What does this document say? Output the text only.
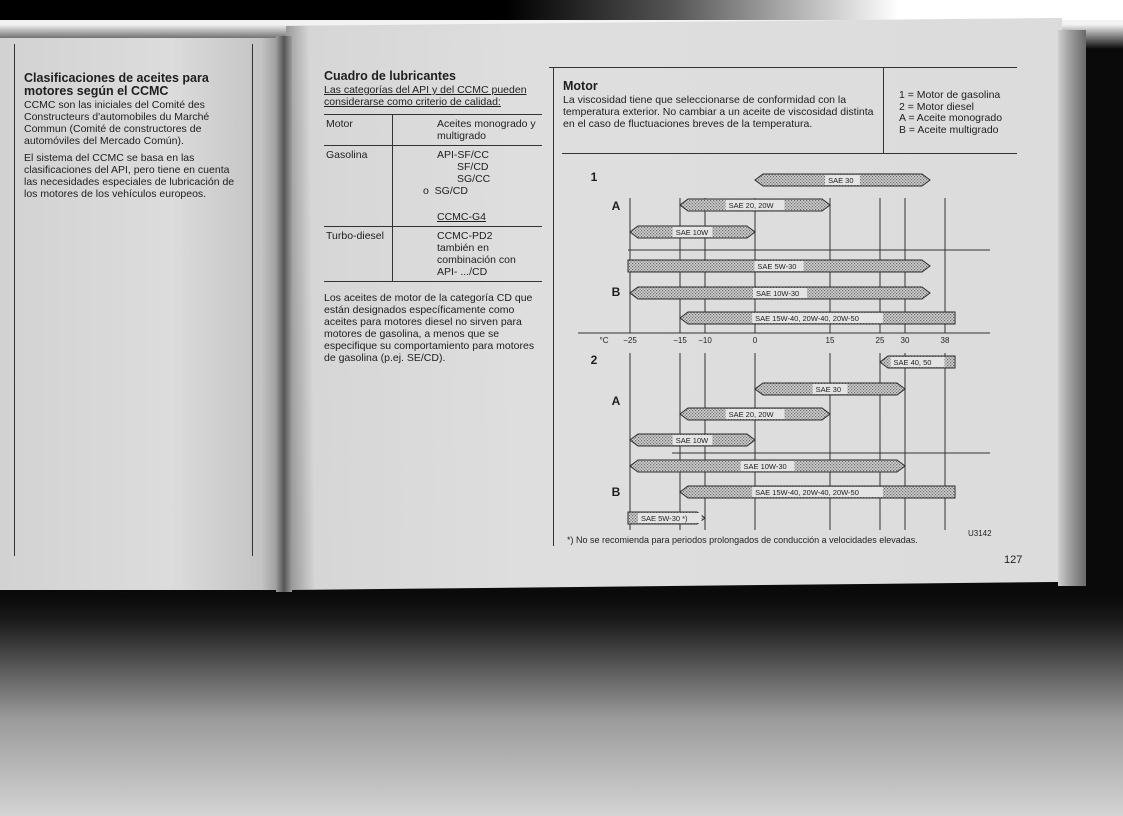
Clasificaciones de aceites para motores según el CCMC

CCMC son las iniciales del Comité des Constructeurs d'automobiles du Marché Commun (Comité de constructores de automóviles del Mercado Común).

El sistema del CCMC se basa en las clasificaciones del API, pero tiene en cuenta las necesidades especiales de lubricación de los motores de los vehículos europeos.

Cuadro de lubricantes
Las categorías del API y del CCMC pueden considerarse como criterio de calidad:
Motor	Aceites monogrado y multigrado
Gasolina	API-SF/CC
SF/CD
SG/CC
o  SG/CD
CCMC-G4

Turbo-diesel	CCMC-PD2
también en
combinación con
API- .../CD
Los aceites de motor de la categoría CD que están designados específicamente como aceites para motores diesel no sirven para motores de gasolina, a menos que se especifique su comportamiento para motores de gasolina (p.ej. SE/CD).
Motor
La viscosidad tiene que seleccionarse de conformidad con la temperatura exterior. No cambiar a un aceite de viscosidad distinta en el caso de fluctuaciones breves de la temperatura.
1 = Motor de gasolina
2 = Motor diesel
A = Aceite monogrado
B = Aceite multigrado
°C −25	−15 −10	0	15	25 30	38
1	SAE 30
SAE 20, 20W
SAE 10W
A
SAE 5W-30
SAE 10W-30
SAE 15W-40, 20W-40, 20W-50
B
2	SAE 40, 50
SAE 30
SAE 20, 20W
SAE 10W
A
SAE 10W-30
SAE 15W-40, 20W-40, 20W-50
SAE 5W-30 *)
B
*) No se recomienda para periodos prolongados de conducción a velocidades elevadas.
U3142
127
